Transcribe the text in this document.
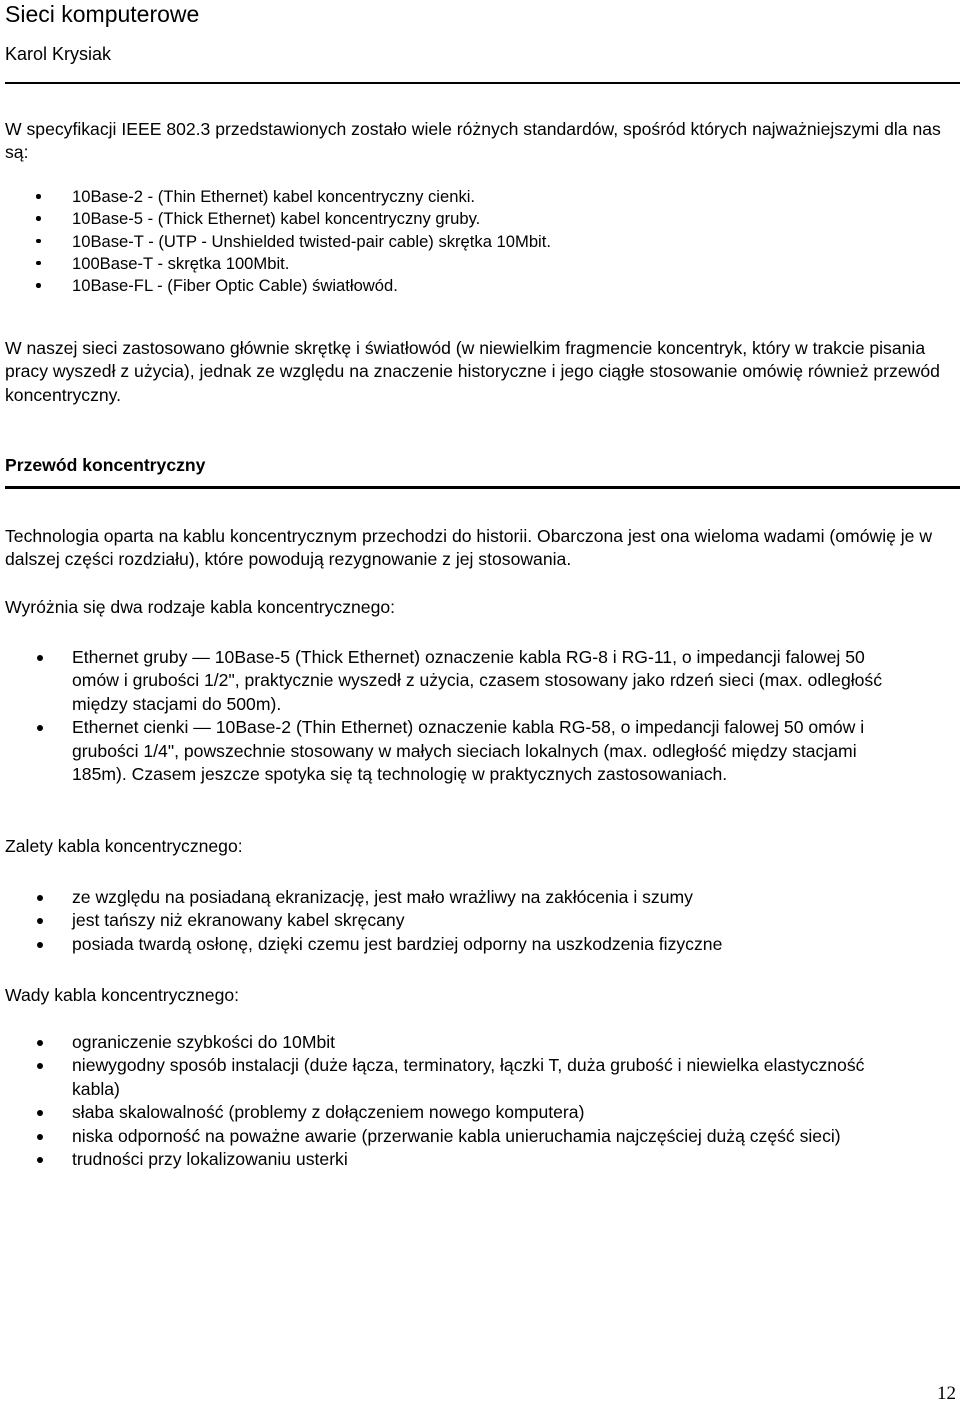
Sieci komputerowe
Karol Krysiak
W specyfikacji IEEE 802.3 przedstawionych zostało wiele różnych standardów, spośród których najważniejszymi dla nas są:
10Base-2 - (Thin Ethernet) kabel koncentryczny cienki.
10Base-5 - (Thick Ethernet) kabel koncentryczny gruby.
10Base-T - (UTP - Unshielded twisted-pair cable) skrętka 10Mbit.
100Base-T - skrętka 100Mbit.
10Base-FL - (Fiber Optic Cable) światłowód.
W naszej sieci zastosowano głównie skrętkę i światłowód (w niewielkim fragmencie koncentryk, który w trakcie pisania pracy wyszedł z użycia), jednak ze względu na znaczenie historyczne i jego ciągłe stosowanie omówię również przewód koncentryczny.
Przewód koncentryczny
Technologia oparta na kablu koncentrycznym przechodzi do historii. Obarczona jest ona wieloma wadami (omówię je w dalszej części rozdziału), które powodują rezygnowanie z jej stosowania.
Wyróżnia się dwa rodzaje kabla koncentrycznego:
Ethernet gruby — 10Base-5 (Thick Ethernet) oznaczenie kabla RG-8 i RG-11, o impedancji falowej 50 omów i grubości 1/2", praktycznie wyszedł z użycia, czasem stosowany jako rdzeń sieci (max. odległość między stacjami do 500m).
Ethernet cienki — 10Base-2 (Thin Ethernet) oznaczenie kabla RG-58, o impedancji falowej 50 omów i grubości 1/4", powszechnie stosowany w małych sieciach lokalnych (max. odległość między stacjami 185m). Czasem jeszcze spotyka się tą technologię w praktycznych zastosowaniach.
Zalety kabla koncentrycznego:
ze względu na posiadaną ekranizację, jest mało wrażliwy na zakłócenia i szumy
jest tańszy niż ekranowany kabel skręcany
posiada twardą osłonę, dzięki czemu jest bardziej odporny na uszkodzenia fizyczne
Wady kabla koncentrycznego:
ograniczenie szybkości do 10Mbit
niewygodny sposób instalacji (duże łącza, terminatory, łączki T, duża grubość i niewielka elastyczność kabla)
słaba skalowalność (problemy z dołączeniem nowego komputera)
niska odporność na poważne awarie (przerwanie kabla unieruchamia najczęściej dużą część sieci)
trudności przy lokalizowaniu usterki
12
